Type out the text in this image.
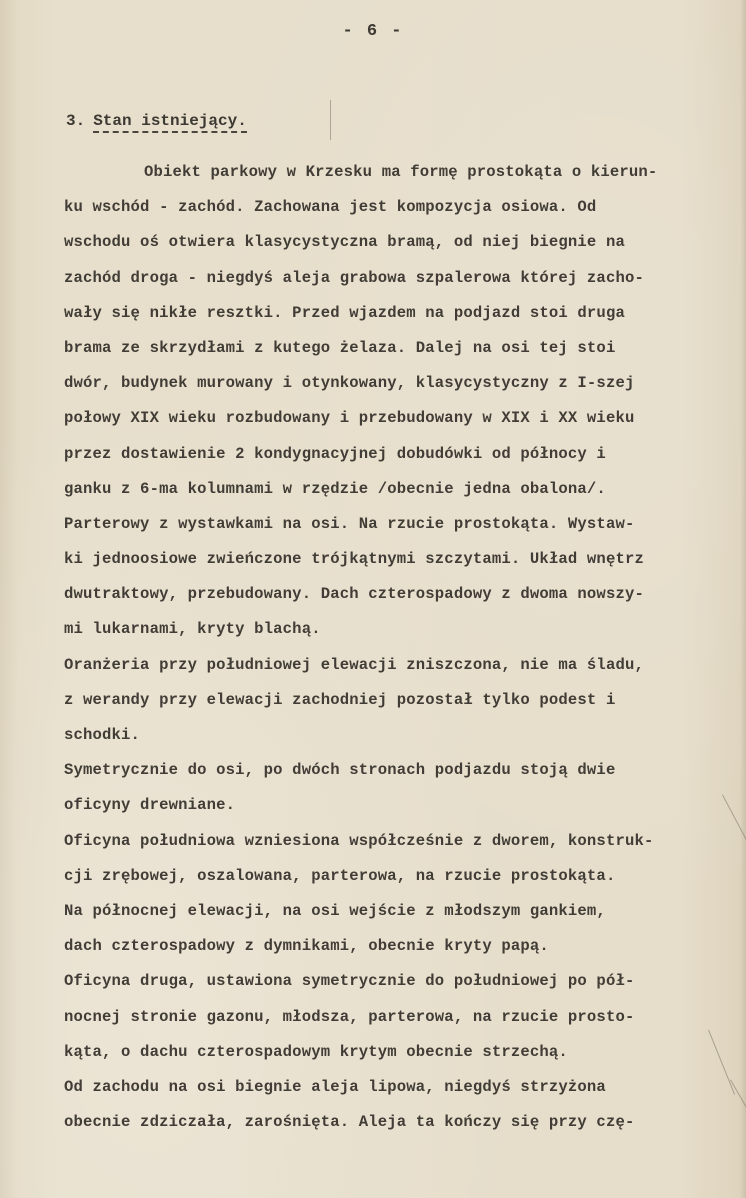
- 6 -
3. Stan istniejący.
Obiekt parkowy w Krzesku ma formę prostokąta o kierun-
ku wschód - zachód. Zachowana jest kompozycja osiowa. Od
wschodu oś otwiera klasycystyczna bramą, od niej biegnie na
zachód droga - niegdyś aleja grabowa szpalerowa której zacho-
wały się nikłe resztki. Przed wjazdem na podjazd stoi druga
brama ze skrzydłami z kutego żelaza. Dalej na osi tej stoi
dwór, budynek murowany i otynkowany, klasycystyczny z I-szej
połowy XIX wieku rozbudowany i przebudowany w XIX i XX wieku
przez dostawienie 2 kondygnacyjnej dobudówki od północy i
ganku z 6-ma kolumnami w rzędzie /obecnie jedna obalona/.
Parterowy z wystawkami na osi. Na rzucie prostokąta. Wystaw-
ki jednoosiowe zwieńczone trójkątnymi szczytami. Układ wnętrz
dwutraktowy, przebudowany. Dach czterospadowy z dwoma nowszy-
mi lukarnami, kryty blachą.
Oranżeria przy południowej elewacji zniszczona, nie ma śladu,
z werandy przy elewacji zachodniej pozostał tylko podest i
schodki.
Symetrycznie do osi, po dwóch stronach podjazdu stoją dwie
oficyny drewniane.
Oficyna południowa wzniesiona współcześnie z dworem, konstruk-
cji zrębowej, oszalowana, parterowa, na rzucie prostokąta.
Na północnej elewacji, na osi wejście z młodszym gankiem,
dach czterospadowy z dymnikami, obecnie kryty papą.
Oficyna druga, ustawiona symetrycznie do południowej po pół-
nocnej stronie gazonu, młodsza, parterowa, na rzucie prosto-
kąta, o dachu czterospadowym krytym obecnie strzechą.
Od zachodu na osi biegnie aleja lipowa, niegdyś strzyżona
obecnie zdziczała, zarośnięta. Aleja ta kończy się przy czę-
